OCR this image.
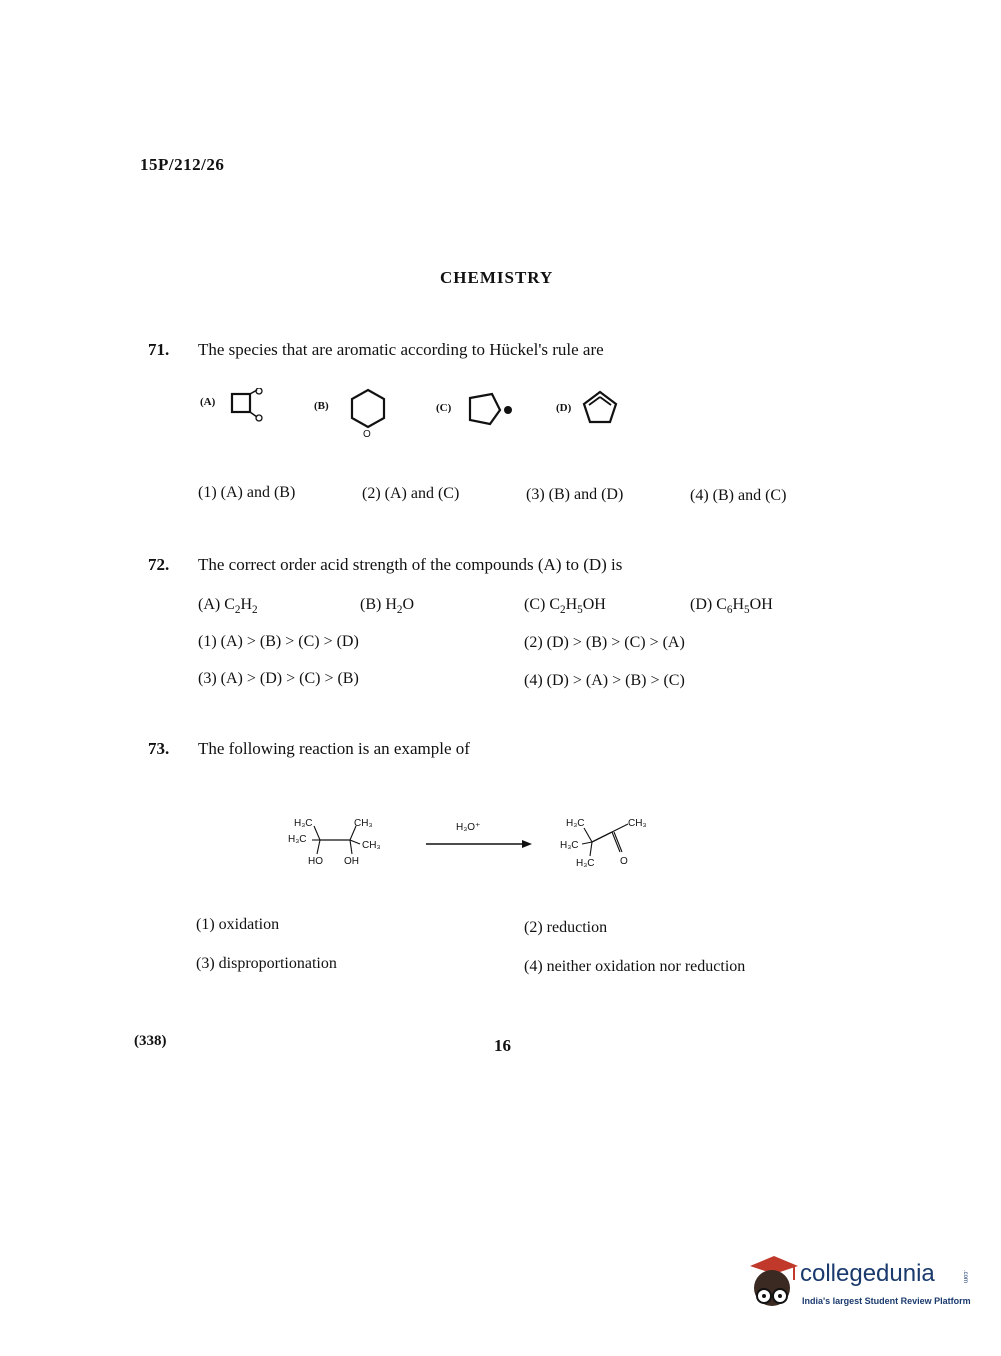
15P/212/26
CHEMISTRY
71. The species that are aromatic according to Hückel's rule are
(A)	(B)
O
(C)	(D)
(1) (A) and (B)	(2) (A) and (C)	(3) (B) and (D)	(4) (B) and (C)
72. The correct order acid strength of the compounds (A) to (D) is
(A) $C_2H_2$	(B) $H_2O$	(C) $C_2H_5OH$	(D) $C_6H_5OH$
(1) (A) > (B) > (C) > (D)	(2) (D) > (B) > (C) > (A)
(3) (A) > (D) > (C) > (B)	(4) (D) > (A) > (B) > (C)
73. The following reaction is an example of
H₃C
H₃C
HO OH
CH₃
CH₃
H₃O⁺	H₃C
H₃C
H₃C
CH₃
O
(1) oxidation	(2) reduction
(3) disproportionation	(4) neither oxidation nor reduction
(338)	16
collegedunia	.com
India's largest Student Review Platform
